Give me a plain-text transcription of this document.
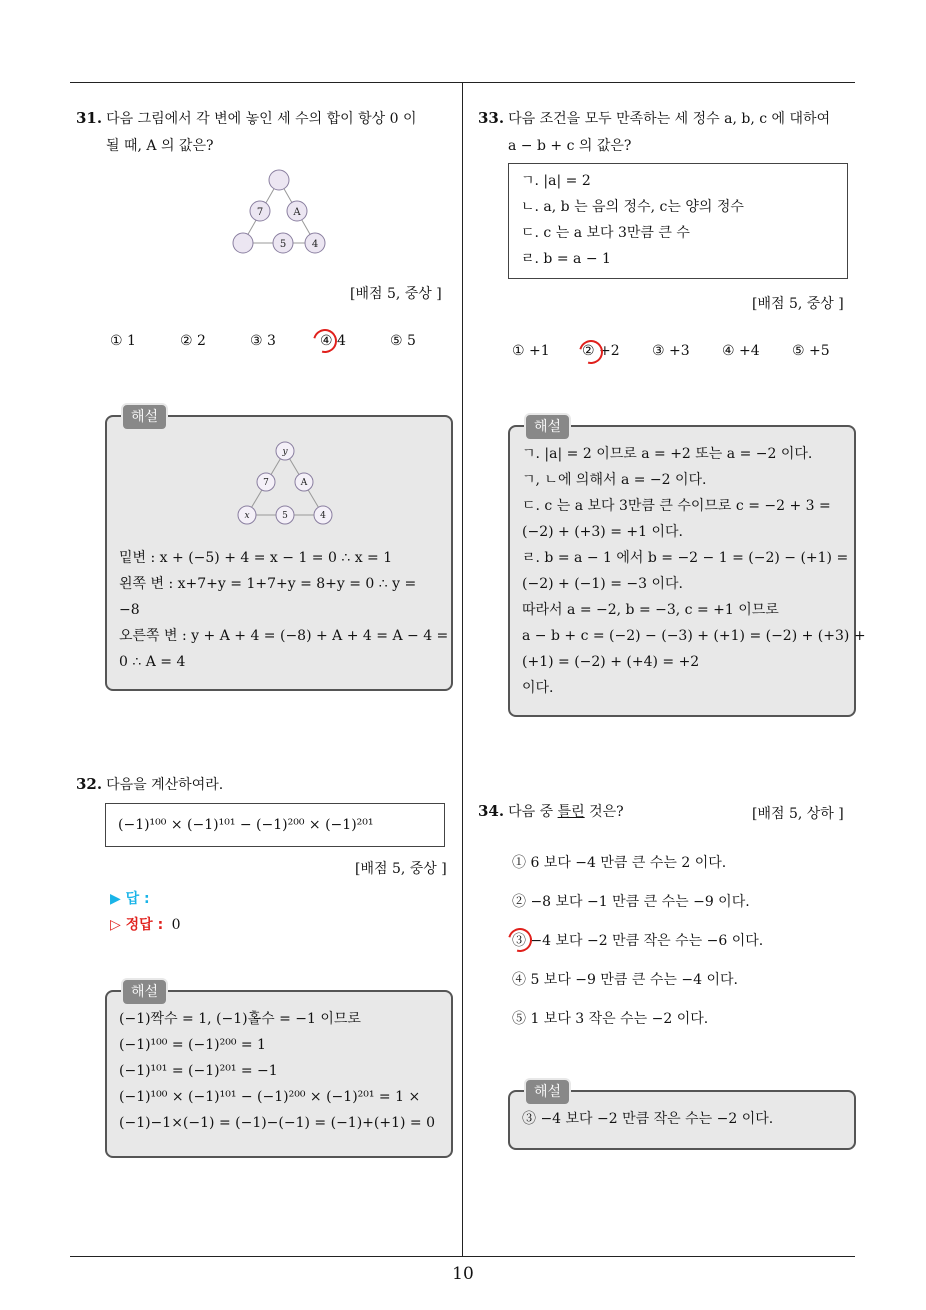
10
31. 다음 그림에서 각 변에 놓인 세 수의 합이 항상 0 이
될 때, A 의 값은?
7	A
5	4
[배점 5, 중상 ]
① 1	② 2	③ 3	④ 4	⑤ 5
해설
y
7	A
x	5	4
밑변 : x + (−5) + 4 = x − 1 = 0 ∴ x = 1
왼쪽 변 : x+7+y = 1+7+y = 8+y = 0 ∴ y =
−8
오른쪽 변 : y + A + 4 = (−8) + A + 4 = A − 4 =
0 ∴ A = 4
32. 다음을 계산하여라.
(−1)¹⁰⁰ × (−1)¹⁰¹ − (−1)²⁰⁰ × (−1)²⁰¹
[배점 5, 중상 ]
▶ 답 :
▷ 정답 : 0
해설
(−1)짝수 = 1, (−1)홀수 = −1 이므로
(−1)¹⁰⁰ = (−1)²⁰⁰ = 1
(−1)¹⁰¹ = (−1)²⁰¹ = −1
(−1)¹⁰⁰ × (−1)¹⁰¹ − (−1)²⁰⁰ × (−1)²⁰¹ = 1 ×
(−1)−1×(−1) = (−1)−(−1) = (−1)+(+1) = 0
33. 다음 조건을 모두 만족하는 세 정수 a, b, c 에 대하여
a − b + c 의 값은?
ㄱ. |a| = 2
ㄴ. a, b 는 음의 정수, c는 양의 정수
ㄷ. c 는 a 보다 3만큼 큰 수
ㄹ. b = a − 1
[배점 5, 중상 ]
① +1	② +2	③ +3	④ +4	⑤ +5
해설
ㄱ. |a| = 2 이므로 a = +2 또는 a = −2 이다.
ㄱ, ㄴ에 의해서 a = −2 이다.
ㄷ. c 는 a 보다 3만큼 큰 수이므로 c = −2 + 3 =
(−2) + (+3) = +1 이다.
ㄹ. b = a − 1 에서 b = −2 − 1 = (−2) − (+1) =
(−2) + (−1) = −3 이다.
따라서 a = −2, b = −3, c = +1 이므로
a − b + c = (−2) − (−3) + (+1) = (−2) + (+3) +
(+1) = (−2) + (+4) = +2
이다.
34. 다음 중 틀린 것은?	[배점 5, 상하 ]
① 6 보다 −4 만큼 큰 수는 2 이다.
② −8 보다 −1 만큼 큰 수는 −9 이다.
③ −4 보다 −2 만큼 작은 수는 −6 이다.
④ 5 보다 −9 만큼 큰 수는 −4 이다.
⑤ 1 보다 3 작은 수는 −2 이다.
해설
③ −4 보다 −2 만큼 작은 수는 −2 이다.
